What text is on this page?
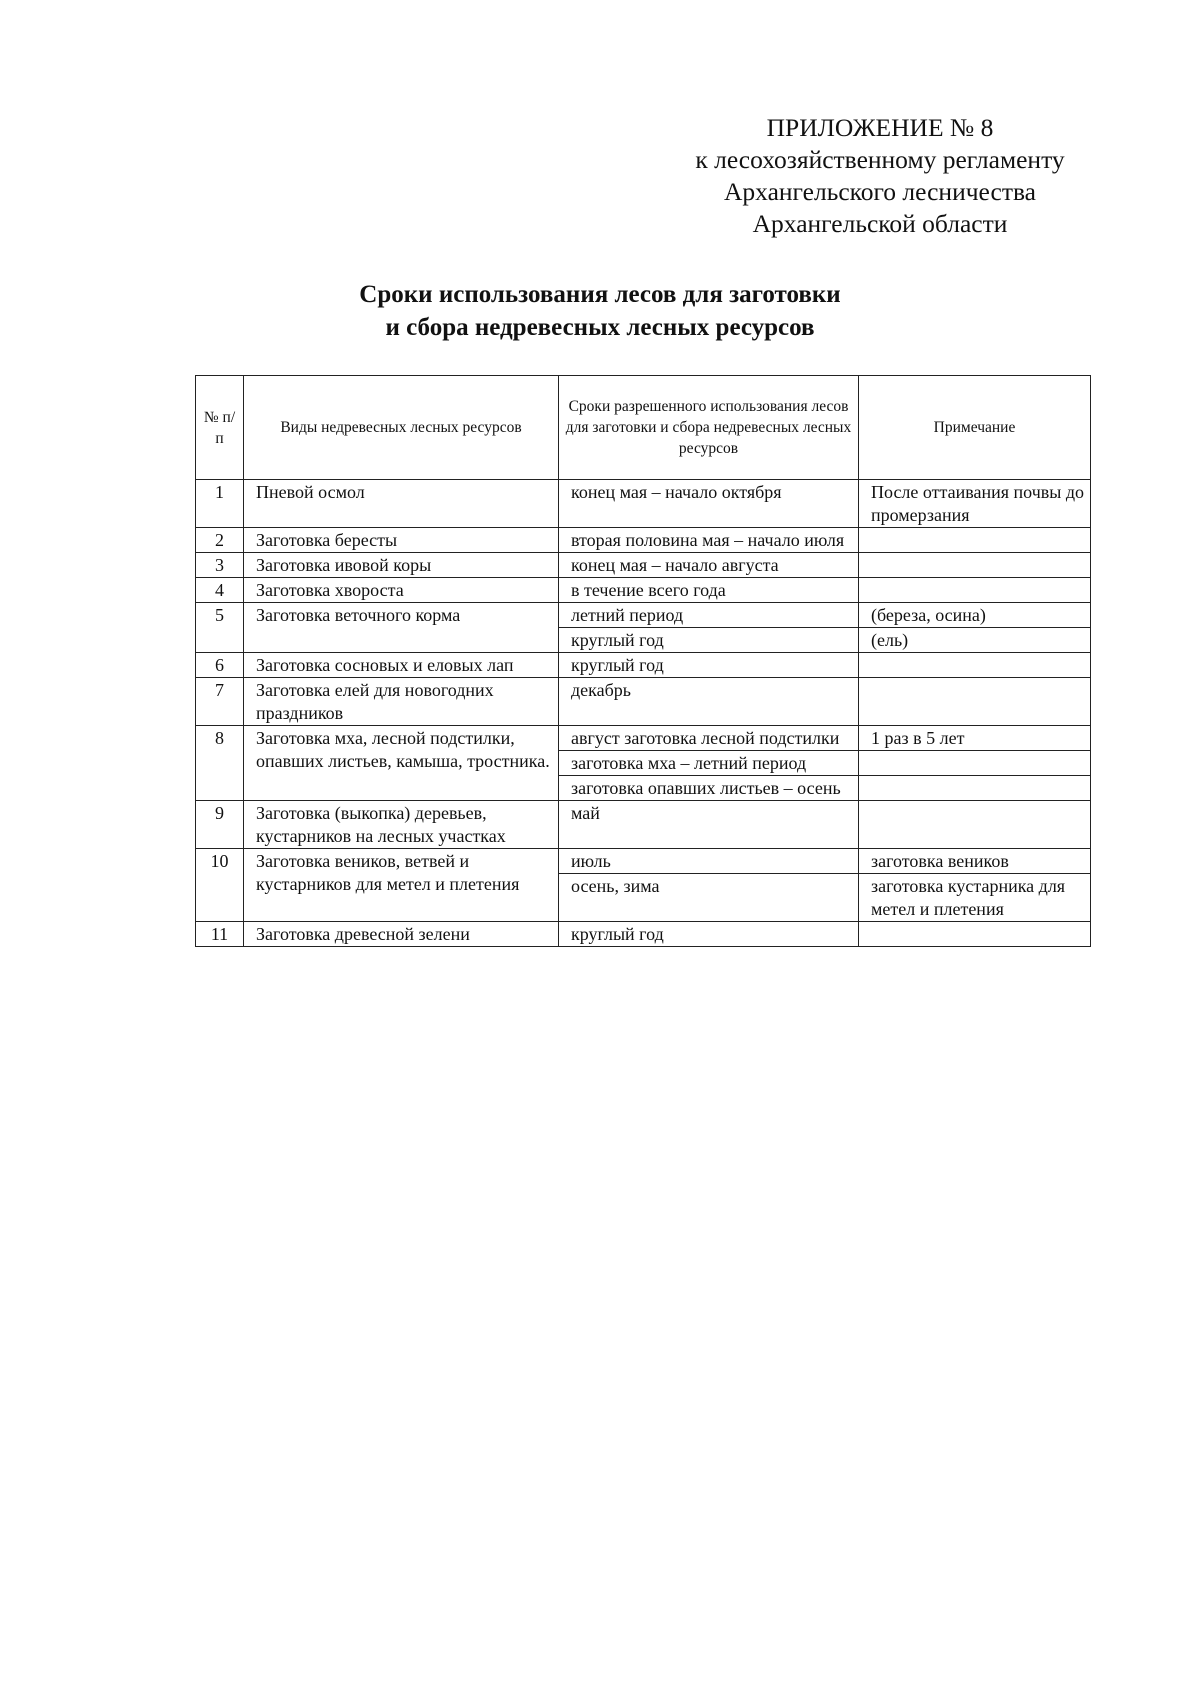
ПРИЛОЖЕНИЕ № 8
к лесохозяйственному регламенту
Архангельского лесничества
Архангельской области
Сроки использования лесов для заготовки
и сбора недревесных лесных ресурсов
№ п/п	Виды недревесных лесных ресурсов	Сроки разрешенного использования лесов для заготовки и сбора недревесных лесных ресурсов	Примечание
1	Пневой осмол	конец мая – начало октября	После оттаивания почвы до промерзания
2	Заготовка бересты	вторая половина мая – начало июля	
3	Заготовка ивовой коры	конец мая – начало августа	
4	Заготовка хвороста	в течение всего года	
5	Заготовка веточного корма	летний период	(береза, осина)
		круглый год	(ель)
6	Заготовка сосновых и еловых лап	круглый год	
7	Заготовка елей для новогодних праздников	декабрь	
8	Заготовка мха, лесной подстилки, опавших листьев, камыша, тростника.	август заготовка лесной подстилки	1 раз в 5 лет
		заготовка мха – летний период	
		заготовка опавших листьев – осень	
9	Заготовка (выкопка) деревьев, кустарников на лесных участках	май	
10	Заготовка веников, ветвей и кустарников для метел и плетения	июль	заготовка веников
		осень, зима	заготовка кустарника для метел и плетения
11	Заготовка древесной зелени	круглый год	
